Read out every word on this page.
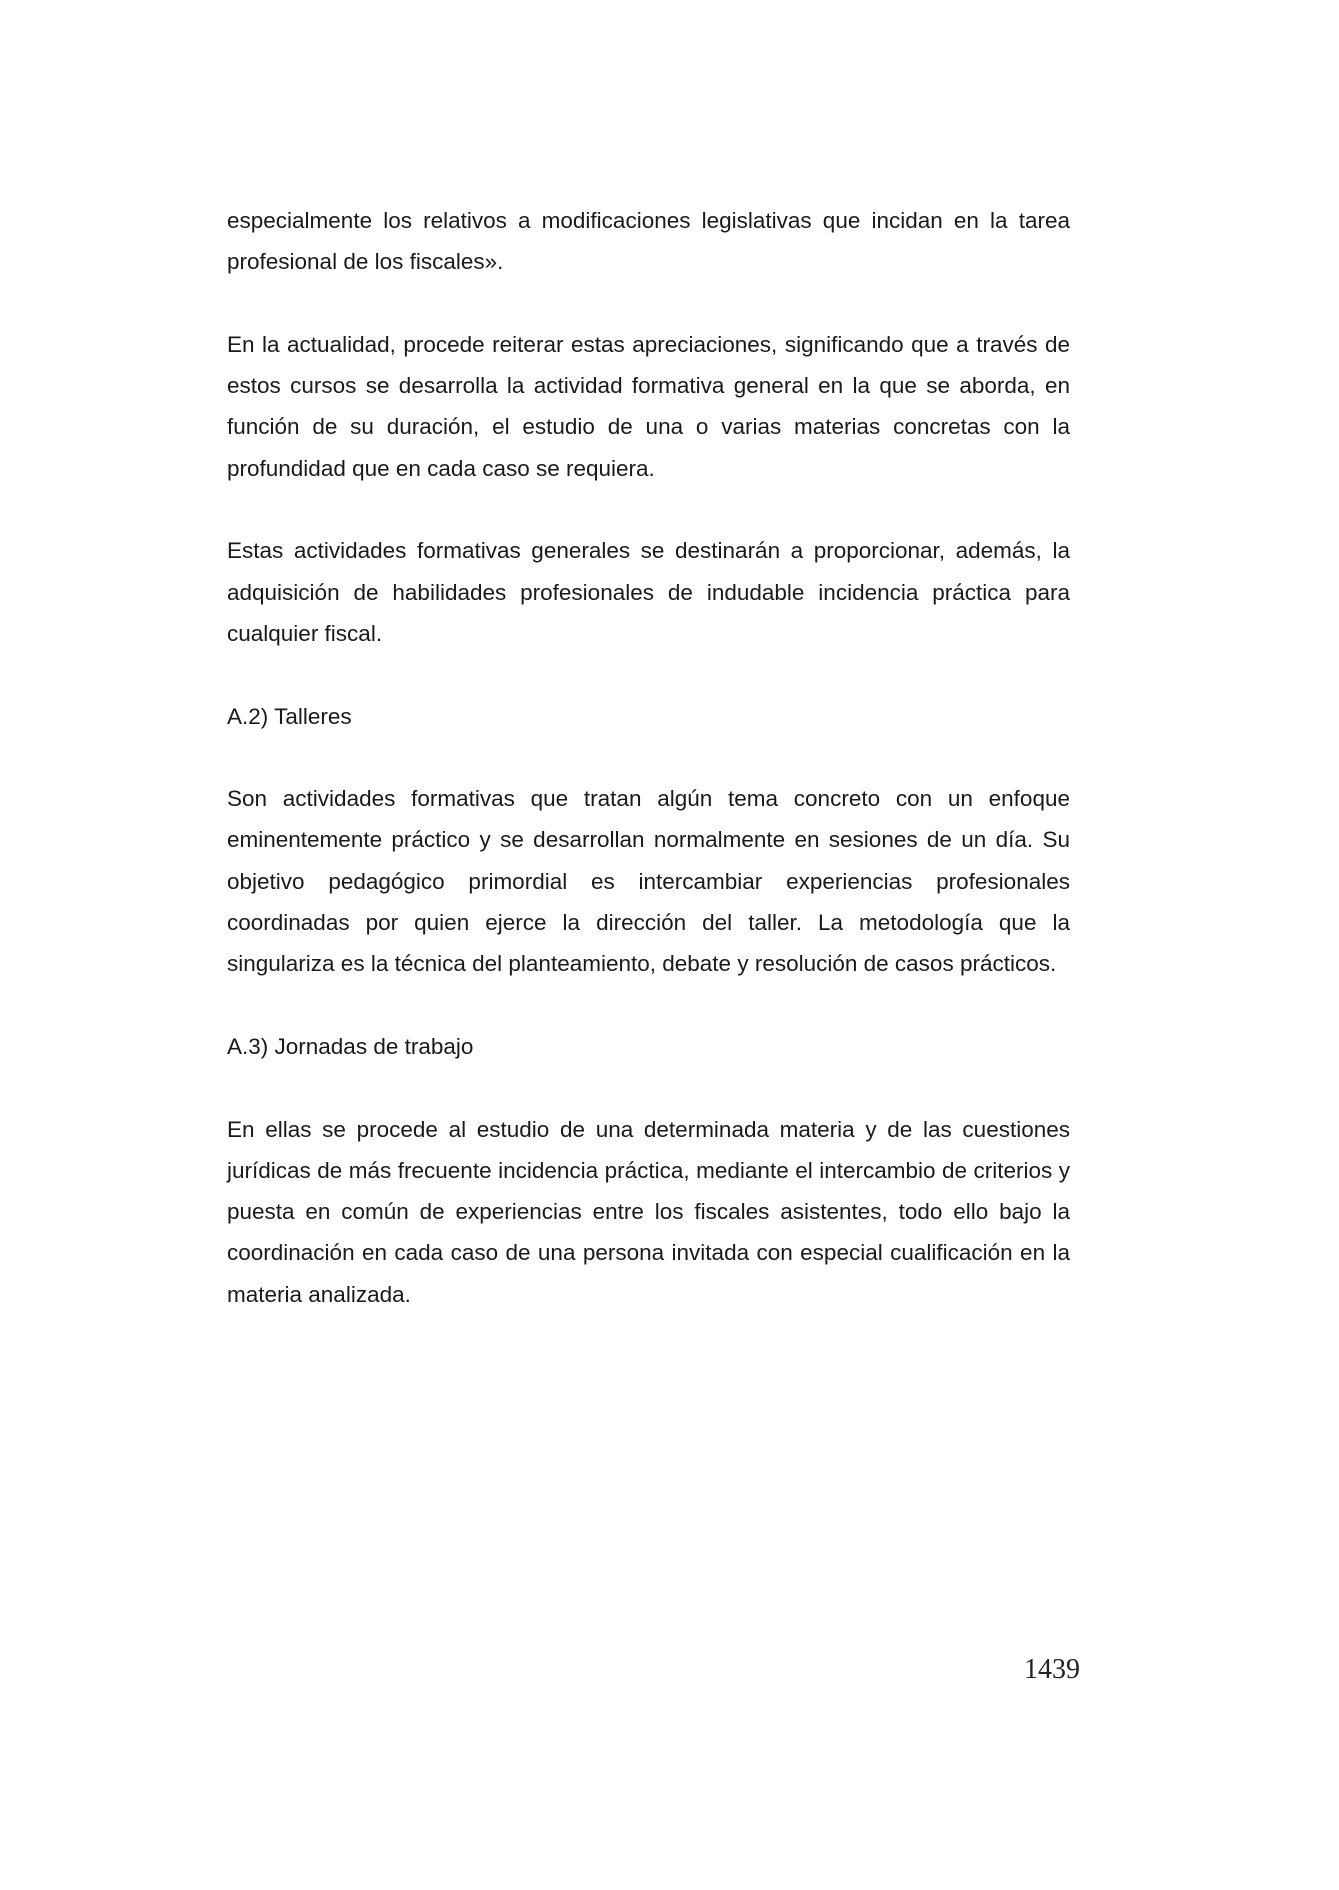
especialmente los relativos a modificaciones legislativas que incidan en la tarea profesional de los fiscales».

En la actualidad, procede reiterar estas apreciaciones, significando que a través de estos cursos se desarrolla la actividad formativa general en la que se aborda, en función de su duración, el estudio de una o varias materias concretas con la profundidad que en cada caso se requiera.

Estas actividades formativas generales se destinarán a proporcionar, además, la adquisición de habilidades profesionales de indudable incidencia práctica para cualquier fiscal.

A.2) Talleres

Son actividades formativas que tratan algún tema concreto con un enfoque eminentemente práctico y se desarrollan normalmente en sesiones de un día. Su objetivo pedagógico primordial es intercambiar experiencias profesionales coordinadas por quien ejerce la dirección del taller. La metodología que la singulariza es la técnica del planteamiento, debate y resolución de casos prácticos.

A.3) Jornadas de trabajo

En ellas se procede al estudio de una determinada materia y de las cuestiones jurídicas de más frecuente incidencia práctica, mediante el intercambio de criterios y puesta en común de experiencias entre los fiscales asistentes, todo ello bajo la coordinación en cada caso de una persona invitada con especial cualificación en la materia analizada.

1439
